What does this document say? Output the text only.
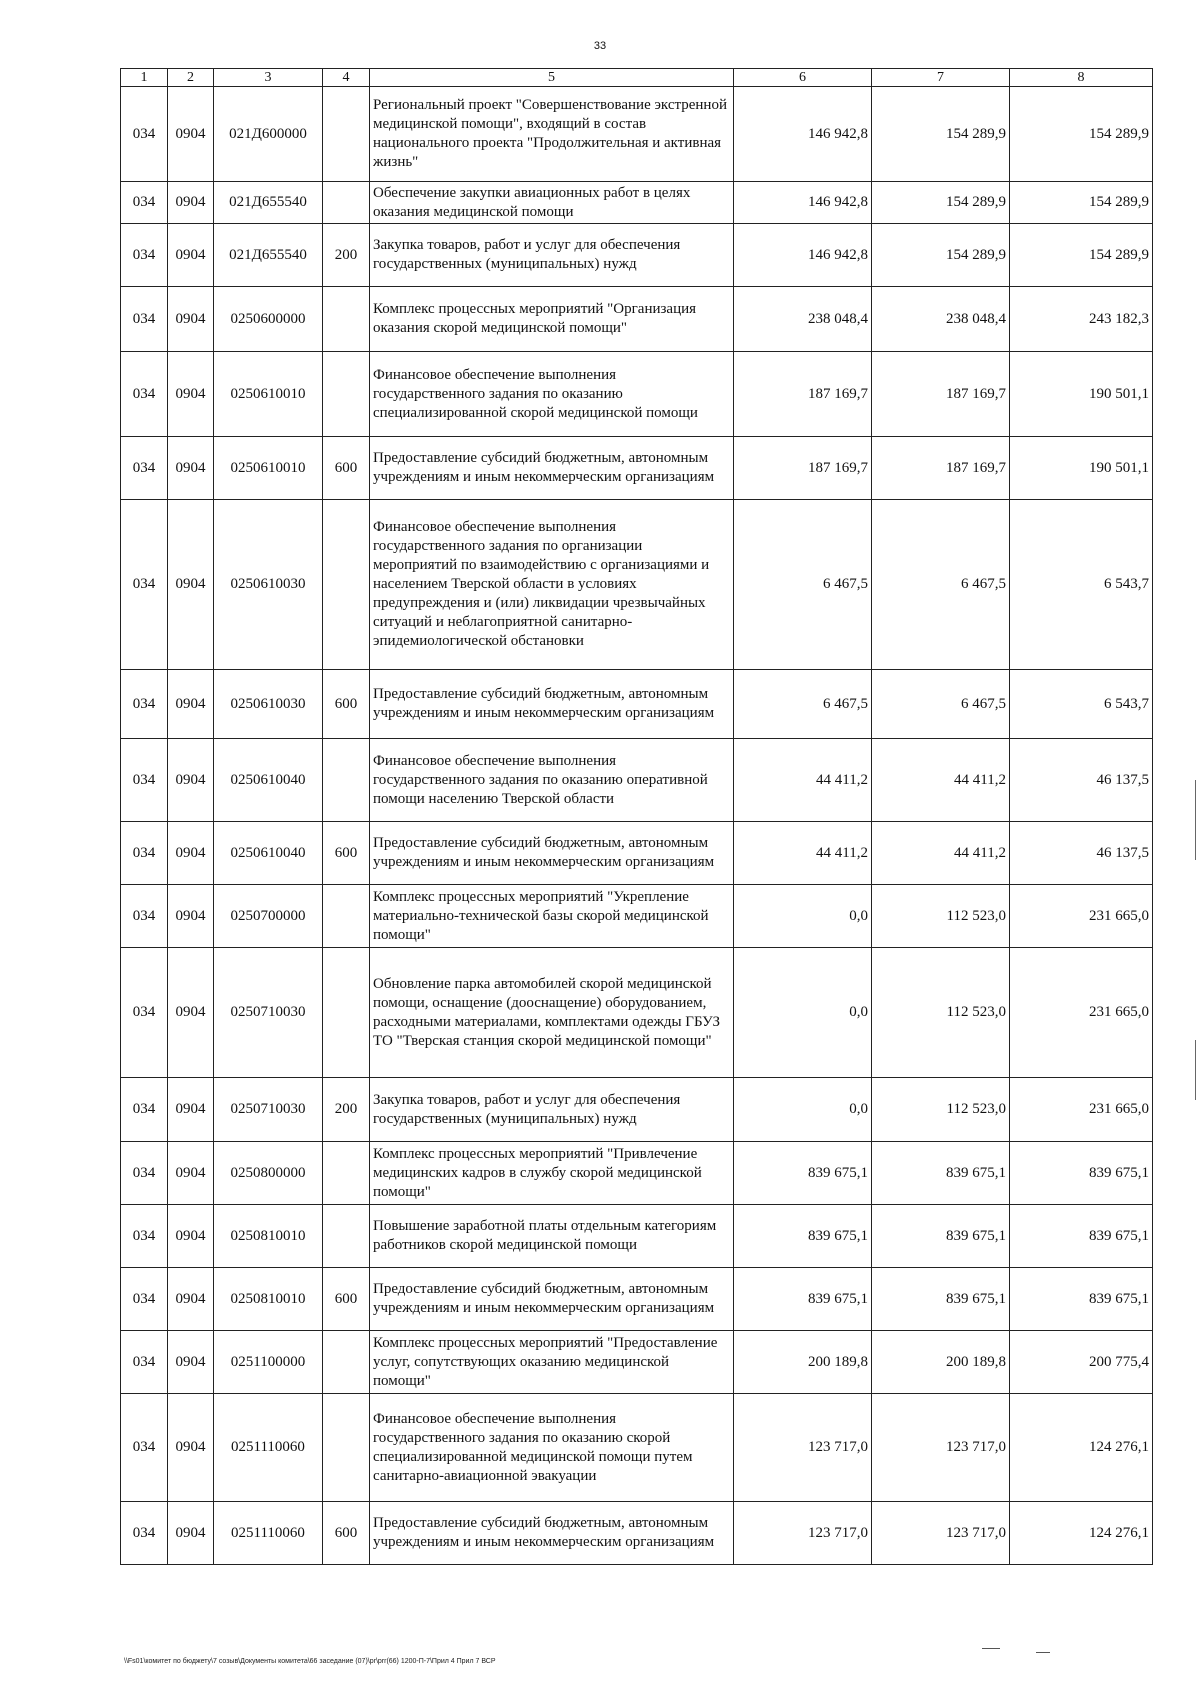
33
1	2	3	4	5	6	7	8
034	0904	021Д600000		Региональный проект "Совершенствование экстренной медицинской помощи", входящий в состав национального проекта "Продолжительная и активная жизнь"	146 942,8	154 289,9	154 289,9
034	0904	021Д655540		Обеспечение закупки авиационных работ в целях оказания медицинской помощи	146 942,8	154 289,9	154 289,9
034	0904	021Д655540	200	Закупка товаров, работ и услуг для обеспечения государственных (муниципальных) нужд	146 942,8	154 289,9	154 289,9
034	0904	0250600000		Комплекс процессных мероприятий "Организация оказания скорой медицинской помощи"	238 048,4	238 048,4	243 182,3
034	0904	0250610010		Финансовое обеспечение выполнения государственного задания по оказанию специализированной скорой медицинской помощи	187 169,7	187 169,7	190 501,1
034	0904	0250610010	600	Предоставление субсидий бюджетным, автономным учреждениям и иным некоммерческим организациям	187 169,7	187 169,7	190 501,1
034	0904	0250610030		Финансовое обеспечение выполнения государственного задания по организации мероприятий по взаимодействию с организациями и населением Тверской области в условиях предупреждения и (или) ликвидации чрезвычайных ситуаций и неблагоприятной санитарно-эпидемиологической обстановки	6 467,5	6 467,5	6 543,7
034	0904	0250610030	600	Предоставление субсидий бюджетным, автономным учреждениям и иным некоммерческим организациям	6 467,5	6 467,5	6 543,7
034	0904	0250610040		Финансовое обеспечение выполнения государственного задания по оказанию оперативной помощи населению Тверской области	44 411,2	44 411,2	46 137,5
034	0904	0250610040	600	Предоставление субсидий бюджетным, автономным учреждениям и иным некоммерческим организациям	44 411,2	44 411,2	46 137,5
034	0904	0250700000		Комплекс процессных мероприятий "Укрепление материально-технической базы скорой медицинской помощи"	0,0	112 523,0	231 665,0
034	0904	0250710030		Обновление парка автомобилей скорой медицинской помощи, оснащение (дооснащение) оборудованием, расходными материалами, комплектами одежды ГБУЗ ТО "Тверская станция скорой медицинской помощи"	0,0	112 523,0	231 665,0
034	0904	0250710030	200	Закупка товаров, работ и услуг для обеспечения государственных (муниципальных) нужд	0,0	112 523,0	231 665,0
034	0904	0250800000		Комплекс процессных мероприятий "Привлечение медицинских кадров в службу скорой медицинской помощи"	839 675,1	839 675,1	839 675,1
034	0904	0250810010		Повышение заработной платы отдельным категориям работников скорой медицинской помощи	839 675,1	839 675,1	839 675,1
034	0904	0250810010	600	Предоставление субсидий бюджетным, автономным учреждениям и иным некоммерческим организациям	839 675,1	839 675,1	839 675,1
034	0904	0251100000		Комплекс процессных мероприятий "Предоставление услуг, сопутствующих оказанию медицинской помощи"	200 189,8	200 189,8	200 775,4
034	0904	0251110060		Финансовое обеспечение выполнения государственного задания по оказанию скорой специализированной медицинской помощи путем санитарно-авиационной эвакуации	123 717,0	123 717,0	124 276,1
034	0904	0251110060	600	Предоставление субсидий бюджетным, автономным учреждениям и иным некоммерческим организациям	123 717,0	123 717,0	124 276,1
\\Fs01\комитет по бюджету\7 созыв\Документы комитета\66 заседание (07)\pr\prr(66) 1200-П-7\Прил 4 Прил 7 ВСР
